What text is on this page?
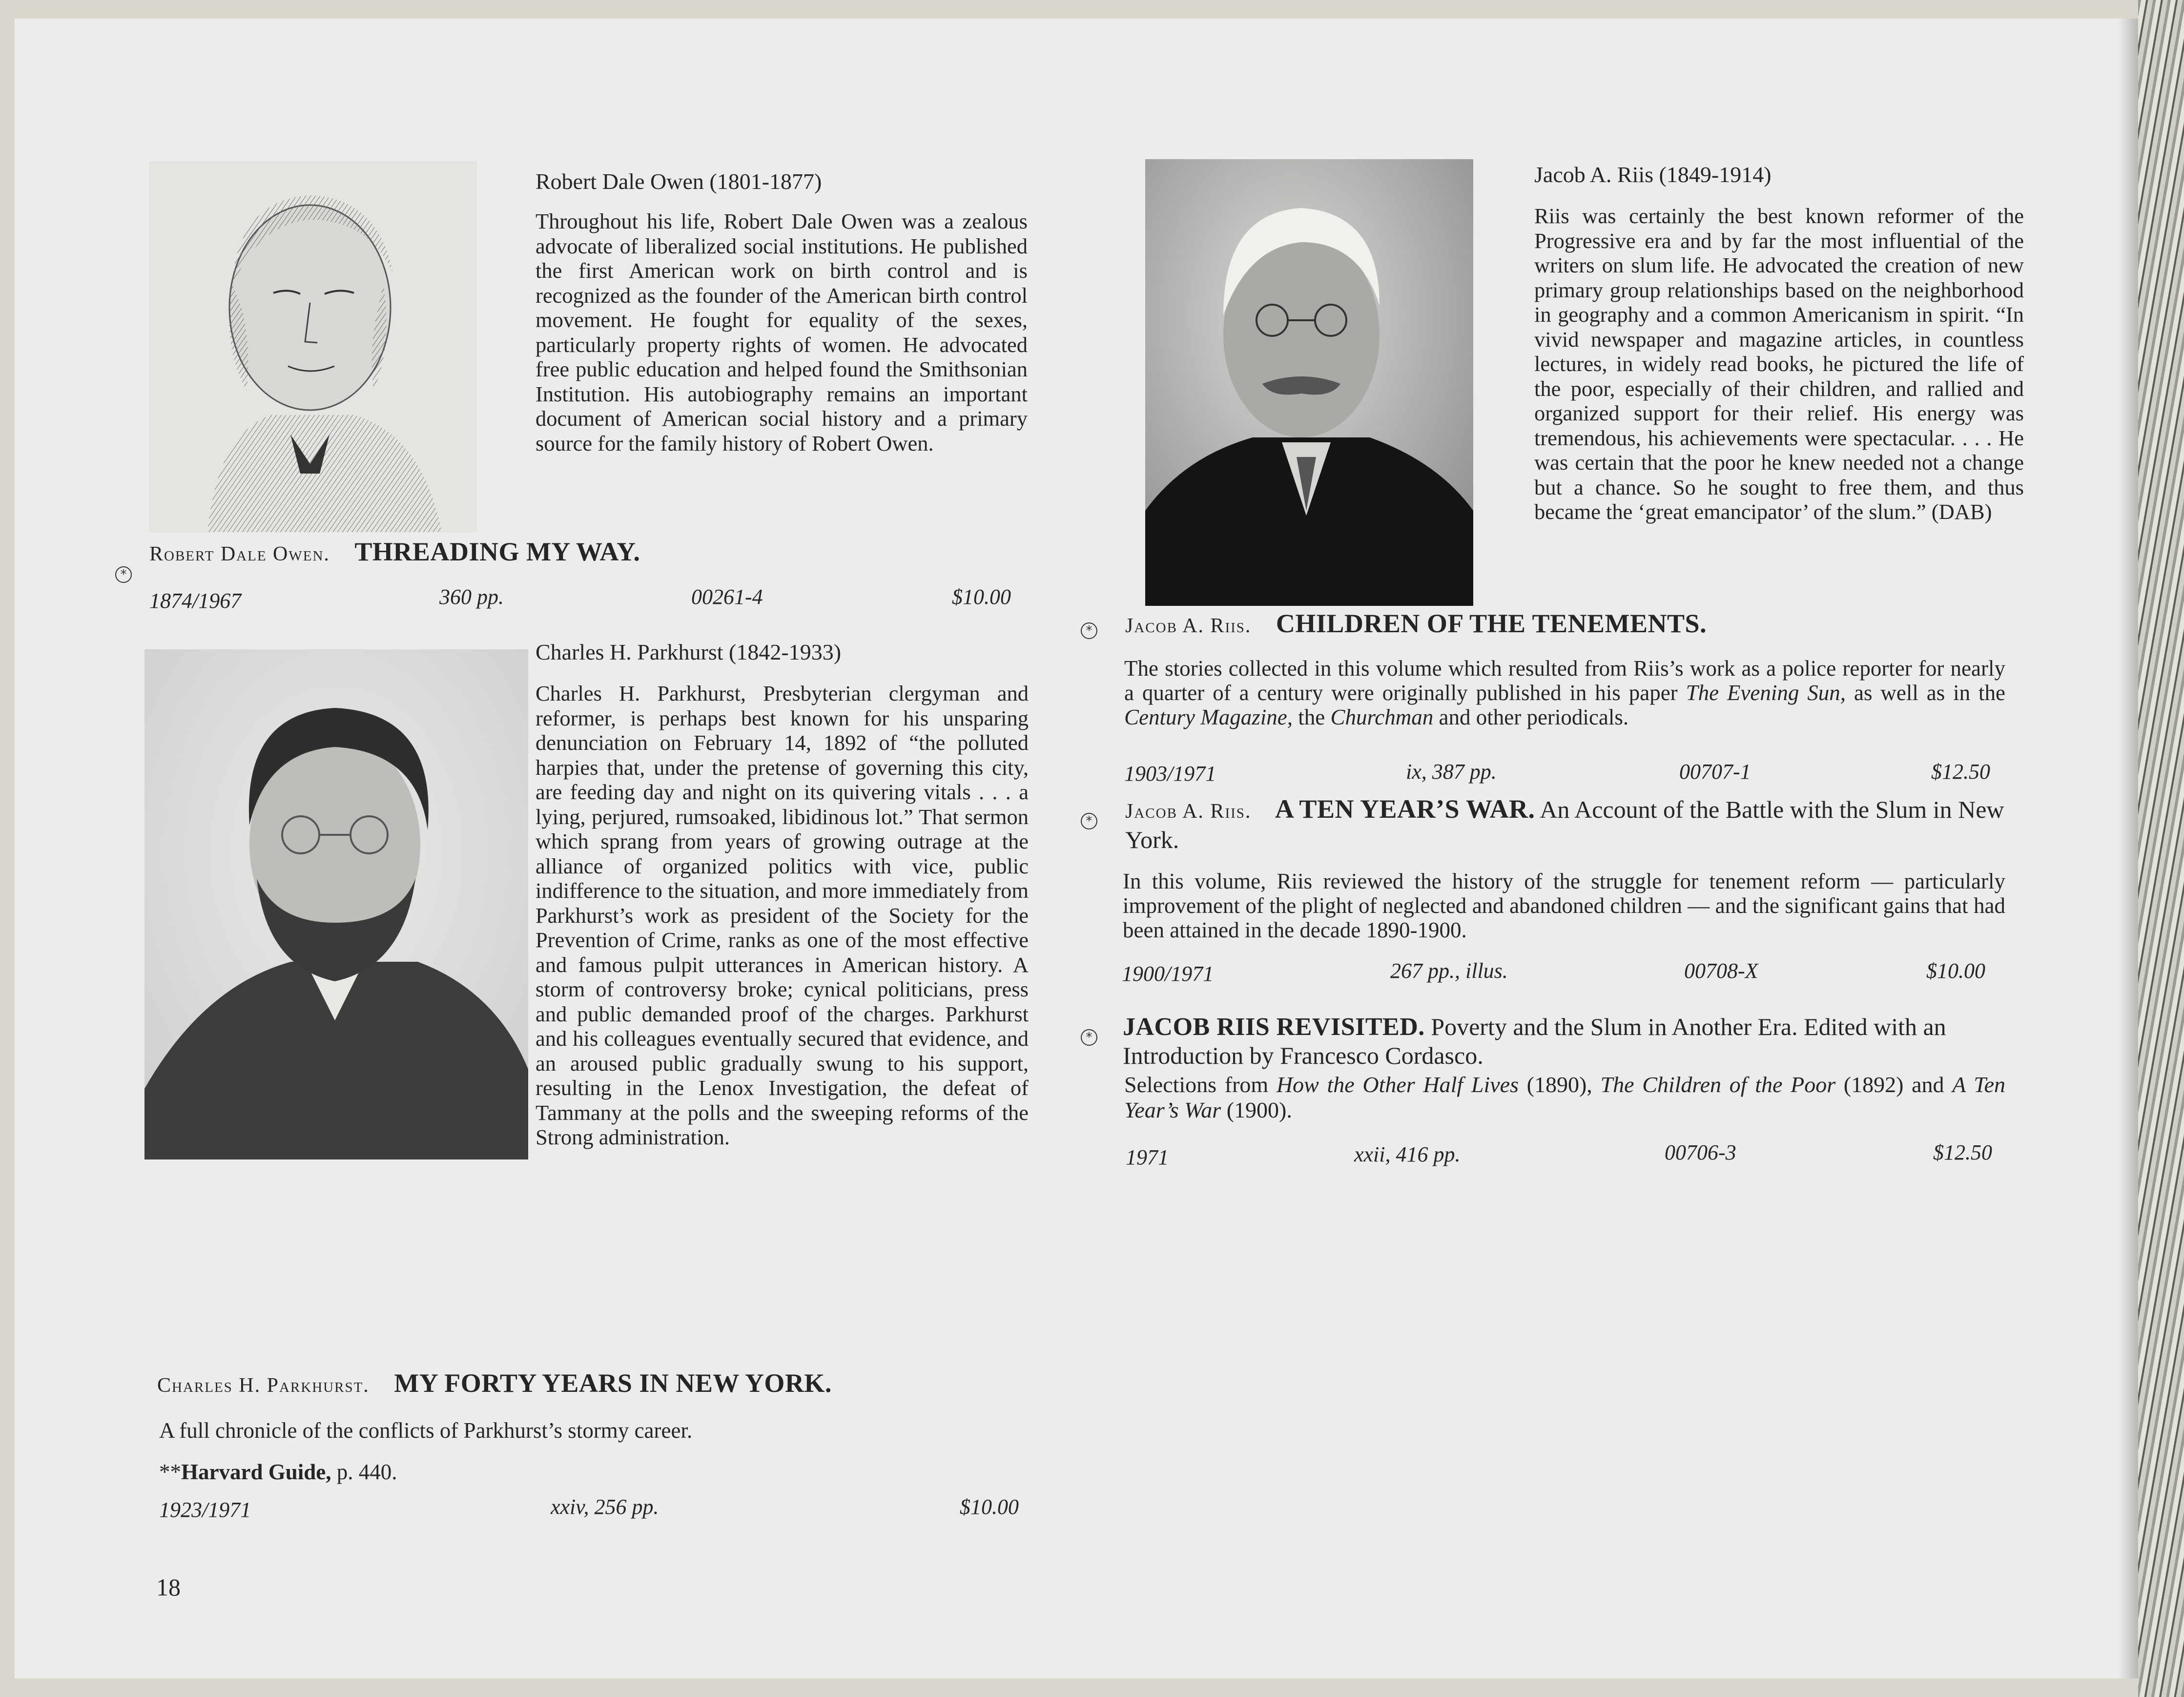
Robert Dale Owen (1801-1877)
Throughout his life, Robert Dale Owen was a zealous advocate of liberalized social institutions. He published the first American work on birth control and is recognized as the founder of the American birth control movement. He fought for equality of the sexes, particularly property rights of women. He advocated free public education and helped found the Smithsonian Institution. His autobiography remains an important document of American social history and a primary source for the family history of Robert Owen.
*
Robert Dale Owen. THREADING MY WAY.
1874/1967	360 pp.	00261-4	$10.00
Charles H. Parkhurst (1842-1933)
Charles H. Parkhurst, Presbyterian clergyman and reformer, is perhaps best known for his unsparing denunciation on February 14, 1892 of “the polluted harpies that, under the pretense of governing this city, are feeding day and night on its quivering vitals . . . a lying, perjured, rumsoaked, libidinous lot.” That sermon which sprang from years of growing outrage at the alliance of organized politics with vice, public indifference to the situation, and more immediately from Parkhurst’s work as president of the Society for the Prevention of Crime, ranks as one of the most effective and famous pulpit utterances in American history. A storm of controversy broke; cynical politicians, press and public demanded proof of the charges. Parkhurst and his colleagues eventually secured that evidence, and an aroused public gradually swung to his support, resulting in the Lenox Investigation, the defeat of Tammany at the polls and the sweeping reforms of the Strong administration.
Charles H. Parkhurst. MY FORTY YEARS IN NEW YORK.
A full chronicle of the conflicts of Parkhurst’s stormy career.
**Harvard Guide, p. 440.
1923/1971	xxiv, 256 pp.	$10.00
18
Jacob A. Riis (1849-1914)
Riis was certainly the best known reformer of the Progressive era and by far the most influential of the writers on slum life. He advocated the creation of new primary group relationships based on the neighborhood in geography and a common Americanism in spirit. “In vivid newspaper and magazine articles, in countless lectures, in widely read books, he pictured the life of the poor, especially of their children, and rallied and organized support for their relief. His energy was tremendous, his achievements were spectacular. . . . He was certain that the poor he knew needed not a change but a chance. So he sought to free them, and thus became the ‘great emancipator’ of the slum.” (DAB)
* Jacob A. Riis. CHILDREN OF THE TENEMENTS.
The stories collected in this volume which resulted from Riis’s work as a police reporter for nearly a quarter of a century were originally published in his paper The Evening Sun, as well as in the Century Magazine, the Churchman and other periodicals.
1903/1971	ix, 387 pp.	00707-1	$12.50
* Jacob A. Riis. A TEN YEAR’S WAR. An Account of the Battle with the Slum in New York.
In this volume, Riis reviewed the history of the struggle for tenement reform — particularly improvement of the plight of neglected and abandoned children — and the significant gains that had been attained in the decade 1890-1900.
1900/1971	267 pp., illus.	00708-X	$10.00
* JACOB RIIS REVISITED. Poverty and the Slum in Another Era. Edited with an Introduction by Francesco Cordasco.
Selections from How the Other Half Lives (1890), The Children of the Poor (1892) and A Ten Year’s War (1900).
1971	xxii, 416 pp.	00706-3	$12.50
